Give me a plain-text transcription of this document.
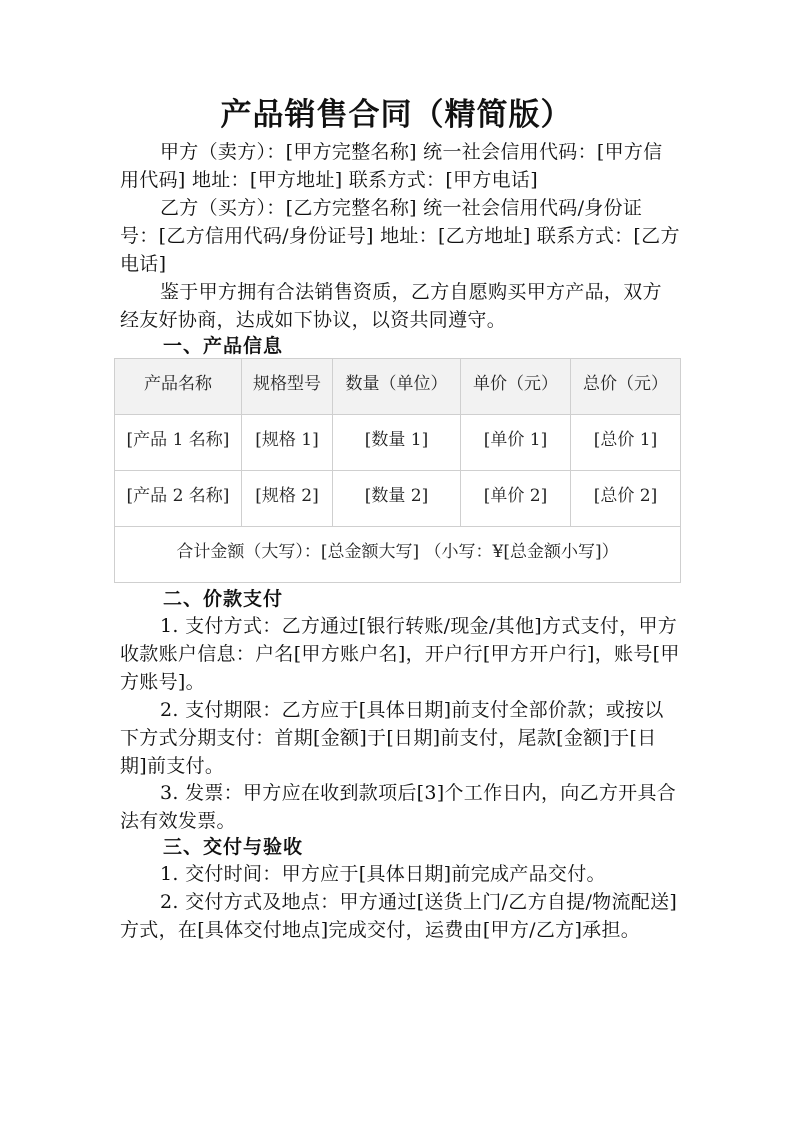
产品销售合同（精简版）
甲方（卖方）：[甲方完整名称] 统一社会信用代码：[甲方信用代码] 地址：[甲方地址] 联系方式：[甲方电话]
乙方（买方）：[乙方完整名称] 统一社会信用代码/身份证号：[乙方信用代码/身份证号] 地址：[乙方地址] 联系方式：[乙方电话]
鉴于甲方拥有合法销售资质，乙方自愿购买甲方产品，双方经友好协商，达成如下协议，以资共同遵守。
一、产品信息
产品名称	规格型号	数量（单位）	单价（元）	总价（元）
[产品 1 名称]	[规格 1]	[数量 1]	[单价 1]	[总价 1]
[产品 2 名称]	[规格 2]	[数量 2]	[单价 2]	[总价 2]
合计金额（大写）：[总金额大写] （小写：¥[总金额小写]）				
二、价款支付
1. 支付方式：乙方通过[银行转账/现金/其他]方式支付，甲方收款账户信息：户名[甲方账户名]，开户行[甲方开户行]，账号[甲方账号]。
2. 支付期限：乙方应于[具体日期]前支付全部价款；或按以下方式分期支付：首期[金额]于[日期]前支付，尾款[金额]于[日期]前支付。
3. 发票：甲方应在收到款项后[3]个工作日内，向乙方开具合法有效发票。
三、交付与验收
1. 交付时间：甲方应于[具体日期]前完成产品交付。
2. 交付方式及地点：甲方通过[送货上门/乙方自提/物流配送]方式，在[具体交付地点]完成交付，运费由[甲方/乙方]承担。
